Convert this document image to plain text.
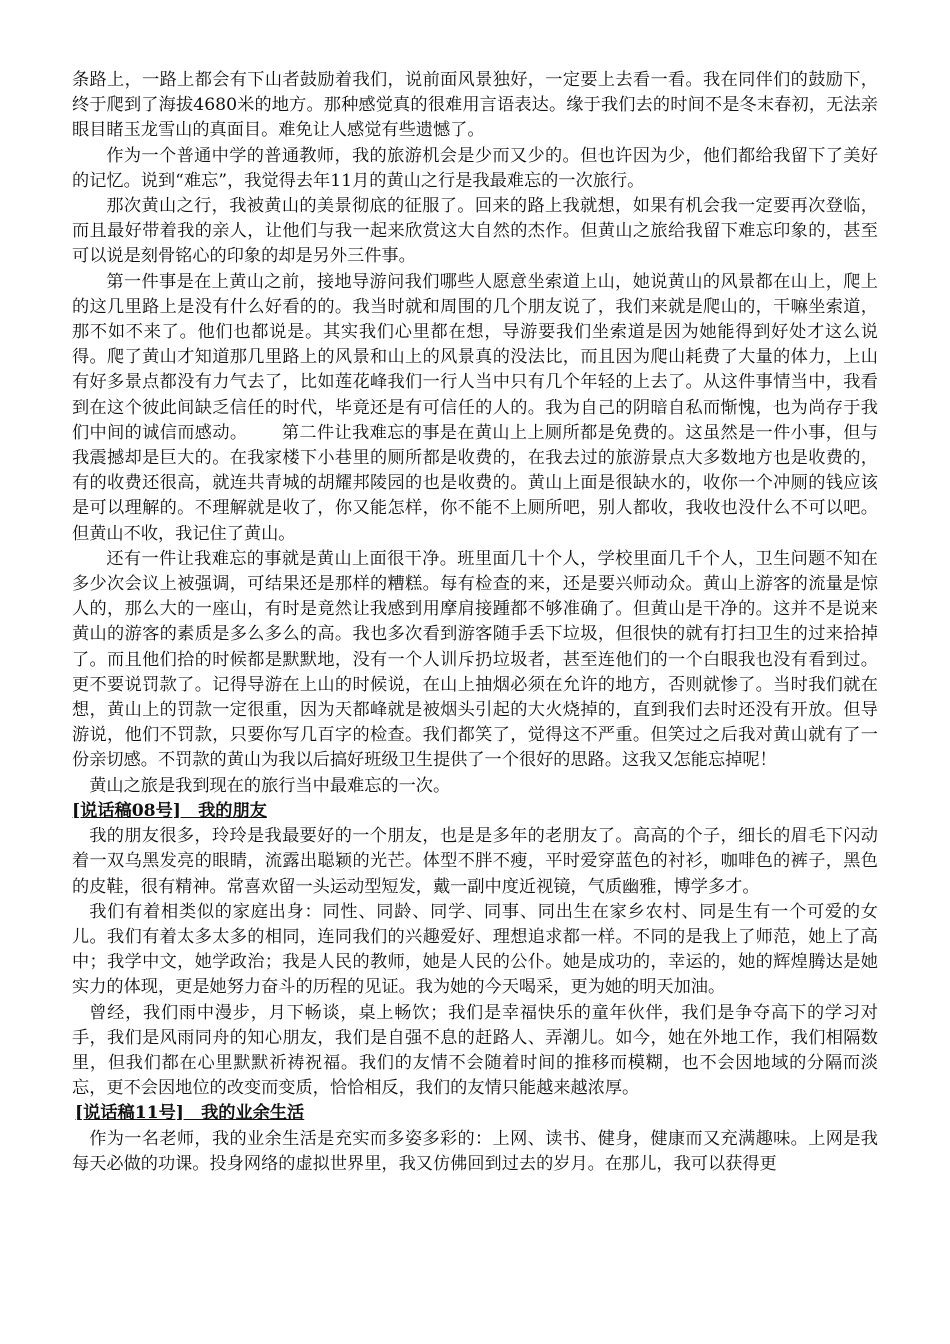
条路上，一路上都会有下山者鼓励着我们，说前面风景独好，一定要上去看一看。我在同伴们的鼓励下，终于爬到了海拔4680米的地方。那种感觉真的很难用言语表达。缘于我们去的时间不是冬末春初，无法亲眼目睹玉龙雪山的真面目。难免让人感觉有些遗憾了。

作为一个普通中学的普通教师，我的旅游机会是少而又少的。但也许因为少，他们都给我留下了美好的记忆。说到“难忘”，我觉得去年11月的黄山之行是我最难忘的一次旅行。

那次黄山之行，我被黄山的美景彻底的征服了。回来的路上我就想，如果有机会我一定要再次登临，而且最好带着我的亲人，让他们与我一起来欣赏这大自然的杰作。但黄山之旅给我留下难忘印象的，甚至可以说是刻骨铭心的印象的却是另外三件事。

第一件事是在上黄山之前，接地导游问我们哪些人愿意坐索道上山，她说黄山的风景都在山上，爬上的这几里路上是没有什么好看的的。我当时就和周围的几个朋友说了，我们来就是爬山的，干嘛坐索道，那不如不来了。他们也都说是。其实我们心里都在想，导游要我们坐索道是因为她能得到好处才这么说得。爬了黄山才知道那几里路上的风景和山上的风景真的没法比，而且因为爬山耗费了大量的体力，上山有好多景点都没有力气去了，比如莲花峰我们一行人当中只有几个年轻的上去了。从这件事情当中，我看到在这个彼此间缺乏信任的时代，毕竟还是有可信任的人的。我为自己的阴暗自私而惭愧，也为尚存于我们中间的诚信而感动。 第二件让我难忘的事是在黄山上上厕所都是免费的。这虽然是一件小事，但与我震撼却是巨大的。在我家楼下小巷里的厕所都是收费的，在我去过的旅游景点大多数地方也是收费的，有的收费还很高，就连共青城的胡耀邦陵园的也是收费的。黄山上面是很缺水的，收你一个冲厕的钱应该是可以理解的。不理解就是收了，你又能怎样，你不能不上厕所吧，别人都收，我收也没什么不可以吧。但黄山不收，我记住了黄山。

还有一件让我难忘的事就是黄山上面很干净。班里面几十个人，学校里面几千个人，卫生问题不知在多少次会议上被强调，可结果还是那样的糟糕。每有检查的来，还是要兴师动众。黄山上游客的流量是惊人的，那么大的一座山，有时是竟然让我感到用摩肩接踵都不够准确了。但黄山是干净的。这并不是说来黄山的游客的素质是多么多么的高。我也多次看到游客随手丢下垃圾，但很快的就有打扫卫生的过来拾掉了。而且他们拾的时候都是默默地，没有一个人训斥扔垃圾者，甚至连他们的一个白眼我也没有看到过。更不要说罚款了。记得导游在上山的时候说，在山上抽烟必须在允许的地方，否则就惨了。当时我们就在想，黄山上的罚款一定很重，因为天都峰就是被烟头引起的大火烧掉的，直到我们去时还没有开放。但导游说，他们不罚款，只要你写几百字的检查。我们都笑了，觉得这不严重。但笑过之后我对黄山就有了一份亲切感。不罚款的黄山为我以后搞好班级卫生提供了一个很好的思路。这我又怎能忘掉呢！

黄山之旅是我到现在的旅行当中最难忘的一次。

[说话稿08号]　我的朋友

我的朋友很多，玲玲是我最要好的一个朋友，也是是多年的老朋友了。高高的个子，细长的眉毛下闪动着一双乌黑发亮的眼睛，流露出聪颖的光芒。体型不胖不瘦，平时爱穿蓝色的衬衫，咖啡色的裤子，黑色的皮鞋，很有精神。常喜欢留一头运动型短发，戴一副中度近视镜，气质幽雅，博学多才。

我们有着相类似的家庭出身：同性、同龄、同学、同事、同出生在家乡农村、同是生有一个可爱的女儿。我们有着太多太多的相同，连同我们的兴趣爱好、理想追求都一样。不同的是我上了师范，她上了高中；我学中文，她学政治；我是人民的教师，她是人民的公仆。她是成功的，幸运的，她的辉煌腾达是她实力的体现，更是她努力奋斗的历程的见证。我为她的今天喝采，更为她的明天加油。

曾经，我们雨中漫步，月下畅谈，桌上畅饮；我们是幸福快乐的童年伙伴，我们是争夺高下的学习对手，我们是风雨同舟的知心朋友，我们是自强不息的赶路人、弄潮儿。如今，她在外地工作，我们相隔数里，但我们都在心里默默祈祷祝福。我们的友情不会随着时间的推移而模糊，也不会因地域的分隔而淡忘，更不会因地位的改变而变质，恰恰相反，我们的友情只能越来越浓厚。

[说话稿11号]　我的业余生活

作为一名老师，我的业余生活是充实而多姿多彩的：上网、读书、健身，健康而又充满趣味。上网是我每天必做的功课。投身网络的虚拟世界里，我又仿佛回到过去的岁月。在那儿，我可以获得更
